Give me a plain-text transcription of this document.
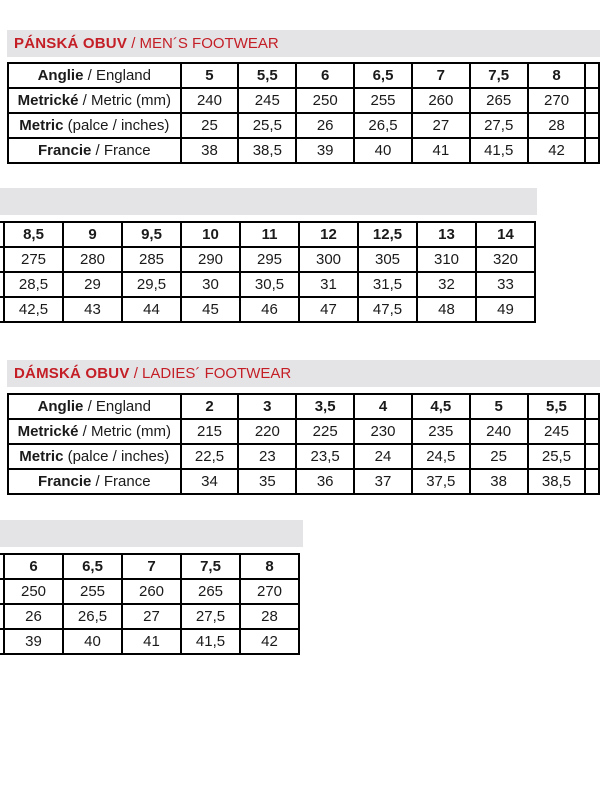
PÁNSKÁ OBUV / MEN´S FOOTWEAR
Anglie / England	5	5,5	6	6,5	7	7,5	8	
Metrické / Metric (mm)	240	245	250	255	260	265	270	
Metric (palce / inches)	25	25,5	26	26,5	27	27,5	28	
Francie / France	38	38,5	39	40	41	41,5	42	
	8,5	9	9,5	10	11	12	12,5	13	14
	275	280	285	290	295	300	305	310	320
	28,5	29	29,5	30	30,5	31	31,5	32	33
	42,5	43	44	45	46	47	47,5	48	49
DÁMSKÁ OBUV / LADIES´ FOOTWEAR
Anglie / England	2	3	3,5	4	4,5	5	5,5	
Metrické / Metric (mm)	215	220	225	230	235	240	245	
Metric (palce / inches)	22,5	23	23,5	24	24,5	25	25,5	
Francie / France	34	35	36	37	37,5	38	38,5	
	6	6,5	7	7,5	8
	250	255	260	265	270
	26	26,5	27	27,5	28
	39	40	41	41,5	42
